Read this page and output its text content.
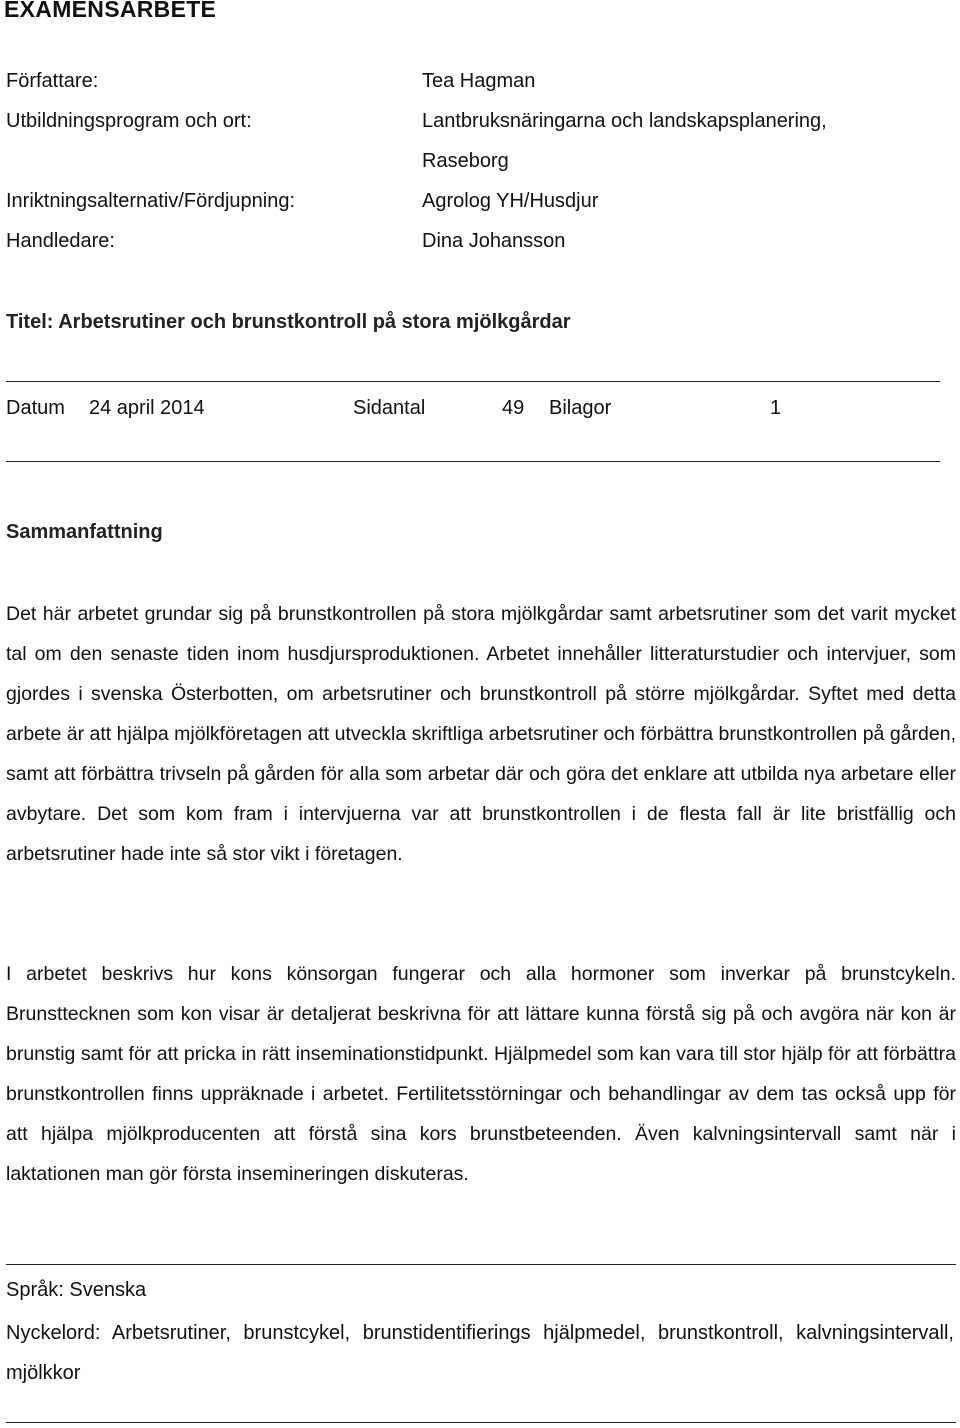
EXAMENSARBETE
Författare:	Tea Hagman
Utbildningsprogram och ort:	Lantbruksnäringarna och landskapsplanering,
Raseborg
Inriktningsalternativ/Fördjupning:	Agrolog YH/Husdjur
Handledare:	Dina Johansson
Titel: Arbetsrutiner och brunstkontroll på stora mjölkgårdar
Datum 24 april 2014	Sidantal	49 Bilagor	1
Sammanfattning

Det här arbetet grundar sig på brunstkontrollen på stora mjölkgårdar samt arbetsrutiner som det varit mycket tal om den senaste tiden inom husdjursproduktionen. Arbetet innehåller litteraturstudier och intervjuer, som gjordes i svenska Österbotten, om arbetsrutiner och brunstkontroll på större mjölkgårdar. Syftet med detta arbete är att hjälpa mjölkföretagen att utveckla skriftliga arbetsrutiner och förbättra brunstkontrollen på gården, samt att förbättra trivseln på gården för alla som arbetar där och göra det enklare att utbilda nya arbetare eller avbytare. Det som kom fram i intervjuerna var att brunstkontrollen i de flesta fall är lite bristfällig och arbetsrutiner hade inte så stor vikt i företagen.

I arbetet beskrivs hur kons könsorgan fungerar och alla hormoner som inverkar på brunstcykeln. Brunsttecknen som kon visar är detaljerat beskrivna för att lättare kunna förstå sig på och avgöra när kon är brunstig samt för att pricka in rätt inseminationstidpunkt. Hjälpmedel som kan vara till stor hjälp för att förbättra brunstkontrollen finns uppräknade i arbetet. Fertilitetsstörningar och behandlingar av dem tas också upp för att hjälpa mjölkproducenten att förstå sina kors brunstbeteenden. Även kalvningsintervall samt när i laktationen man gör första insemineringen diskuteras.

Språk: Svenska

Nyckelord: Arbetsrutiner, brunstcykel, brunstidentifierings hjälpmedel, brunstkontroll, kalvningsintervall, mjölkkor
